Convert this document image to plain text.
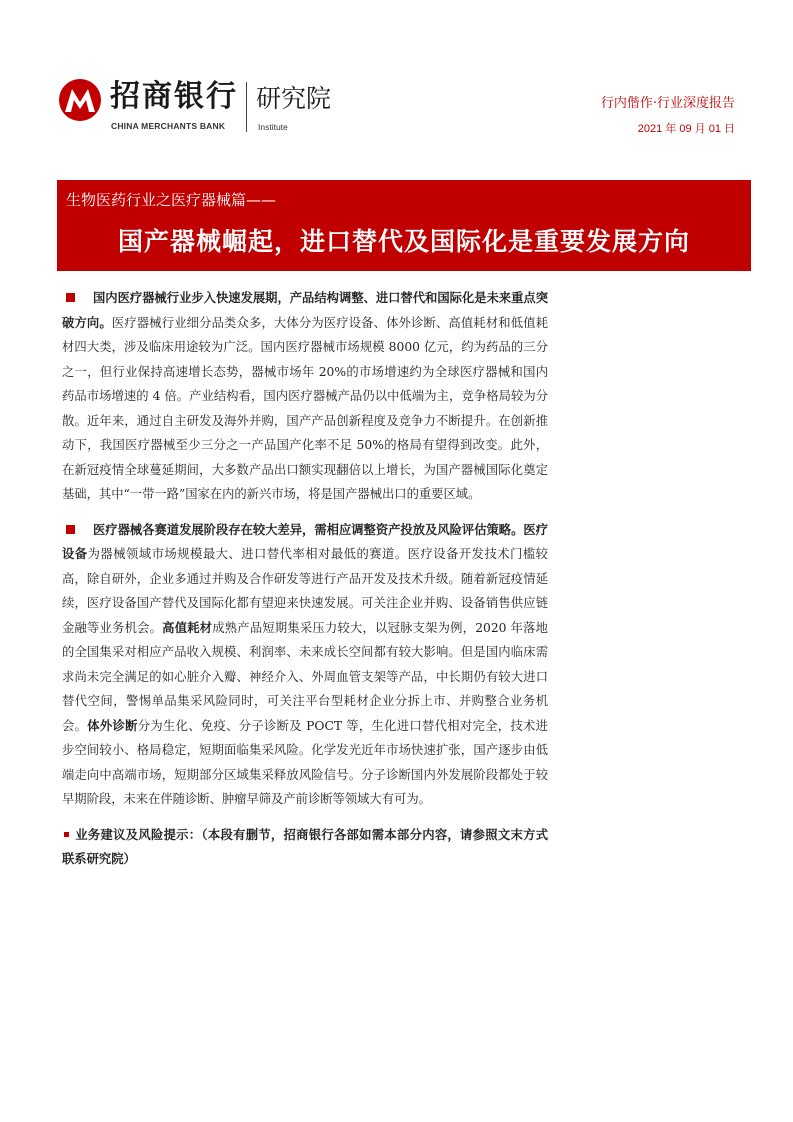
招商银行
CHINA MERCHANTS BANK
研究院
Institute
行内偕作·行业深度报告
2021 年 09 月 01 日
生物医药行业之医疗器械篇——
国产器械崛起，进口替代及国际化是重要发展方向

国内医疗器械行业步入快速发展期，产品结构调整、进口替代和国际化是未来重点突破方向。医疗器械行业细分品类众多，大体分为医疗设备、体外诊断、高值耗材和低值耗材四大类，涉及临床用途较为广泛。国内医疗器械市场规模 8000 亿元，约为药品的三分之一，但行业保持高速增长态势，器械市场年 20%的市场增速约为全球医疗器械和国内药品市场增速的 4 倍。产业结构看，国内医疗器械产品仍以中低端为主，竞争格局较为分散。近年来，通过自主研发及海外并购，国产产品创新程度及竞争力不断提升。在创新推动下，我国医疗器械至少三分之一产品国产化率不足 50%的格局有望得到改变。此外，在新冠疫情全球蔓延期间，大多数产品出口额实现翻倍以上增长，为国产器械国际化奠定基础，其中“一带一路”国家在内的新兴市场，将是国产器械出口的重要区域。

医疗器械各赛道发展阶段存在较大差异，需相应调整资产投放及风险评估策略。医疗设备为器械领域市场规模最大、进口替代率相对最低的赛道。医疗设备开发技术门槛较高，除自研外，企业多通过并购及合作研发等进行产品开发及技术升级。随着新冠疫情延续，医疗设备国产替代及国际化都有望迎来快速发展。可关注企业并购、设备销售供应链金融等业务机会。高值耗材成熟产品短期集采压力较大，以冠脉支架为例，2020 年落地的全国集采对相应产品收入规模、利润率、未来成长空间都有较大影响。但是国内临床需求尚未完全满足的如心脏介入瓣、神经介入、外周血管支架等产品，中长期仍有较大进口替代空间，警惕单品集采风险同时，可关注平台型耗材企业分拆上市、并购整合业务机会。体外诊断分为生化、免疫、分子诊断及 POCT 等，生化进口替代相对完全，技术进步空间较小、格局稳定，短期面临集采风险。化学发光近年市场快速扩张，国产逐步由低端走向中高端市场，短期部分区域集采释放风险信号。分子诊断国内外发展阶段都处于较早期阶段，未来在伴随诊断、肿瘤早筛及产前诊断等领域大有可为。

业务建议及风险提示：（本段有删节，招商银行各部如需本部分内容，请参照文末方式联系研究院）
